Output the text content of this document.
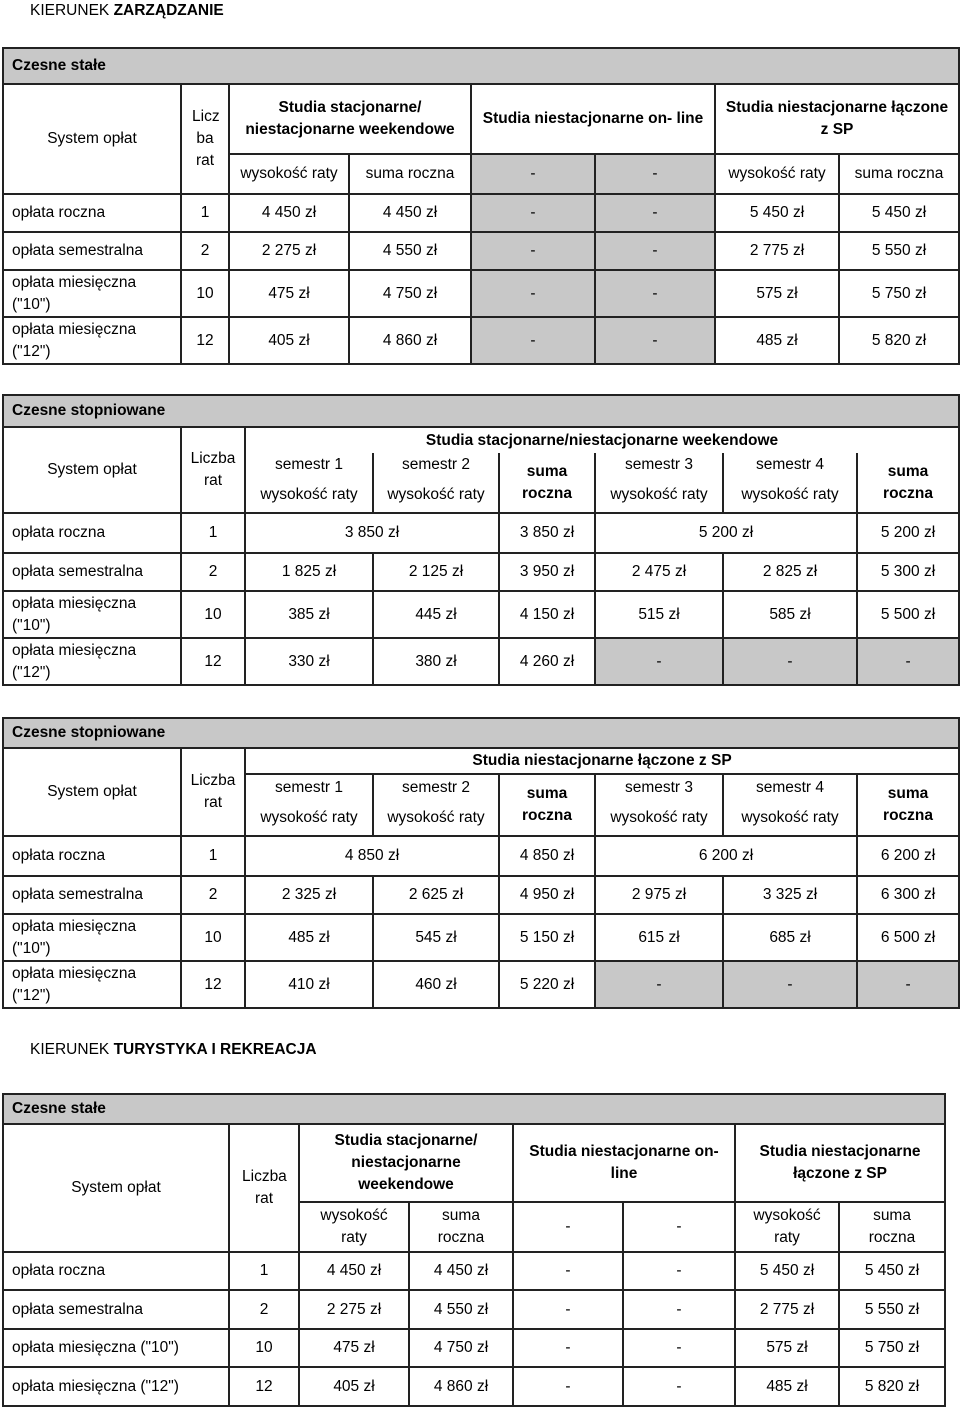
KIERUNEK ZARZĄDZANIE
Czesne stałe							
System opłat	Licz ba rat	Studia stacjonarne/ niestacjonarne weekendowe		Studia niestacjonarne on- line		Studia niestacjonarne łączone z SP	
		wysokość raty	suma roczna	-	-	wysokość raty	suma roczna
opłata roczna	1	4 450 zł	4 450 zł	-	-	5 450 zł	5 450 zł
opłata semestralna	2	2 275 zł	4 550 zł	-	-	2 775 zł	5 550 zł
opłata miesięczna ("10")	10	475 zł	4 750 zł	-	-	575 zł	5 750 zł
opłata miesięczna ("12")	12	405 zł	4 860 zł	-	-	485 zł	5 820 zł
Czesne stopniowane							
System opłat	Liczba rat	Studia stacjonarne/niestacjonarne weekendowe					
		semestr 1	semestr 2	suma roczna	semestr 3	semestr 4	suma roczna
		wysokość raty	wysokość raty		wysokość raty	wysokość raty	
opłata roczna	1	3 850 zł		3 850 zł	5 200 zł		5 200 zł
opłata semestralna	2	1 825 zł	2 125 zł	3 950 zł	2 475 zł	2 825 zł	5 300 zł
opłata miesięczna ("10")	10	385 zł	445 zł	4 150 zł	515 zł	585 zł	5 500 zł
opłata miesięczna ("12")	12	330 zł	380 zł	4 260 zł	-	-	-
Czesne stopniowane							
System opłat	Liczba rat	Studia niestacjonarne łączone z SP					
		semestr 1	semestr 2	suma roczna	semestr 3	semestr 4	suma roczna
		wysokość raty	wysokość raty		wysokość raty	wysokość raty	
opłata roczna	1	4 850 zł		4 850 zł	6 200 zł		6 200 zł
opłata semestralna	2	2 325 zł	2 625 zł	4 950 zł	2 975 zł	3 325 zł	6 300 zł
opłata miesięczna ("10")	10	485 zł	545 zł	5 150 zł	615 zł	685 zł	6 500 zł
opłata miesięczna ("12")	12	410 zł	460 zł	5 220 zł	-	-	-
KIERUNEK TURYSTYKA I REKREACJA
Czesne stałe							
System opłat	Liczba rat	Studia stacjonarne/ niestacjonarne weekendowe		Studia niestacjonarne on-line		Studia niestacjonarne łączone z SP	
		wysokość raty	suma roczna	-	-	wysokość raty	suma roczna
opłata roczna	1	4 450 zł	4 450 zł	-	-	5 450 zł	5 450 zł
opłata semestralna	2	2 275 zł	4 550 zł	-	-	2 775 zł	5 550 zł
opłata miesięczna ("10")	10	475 zł	4 750 zł	-	-	575 zł	5 750 zł
opłata miesięczna ("12")	12	405 zł	4 860 zł	-	-	485 zł	5 820 zł
